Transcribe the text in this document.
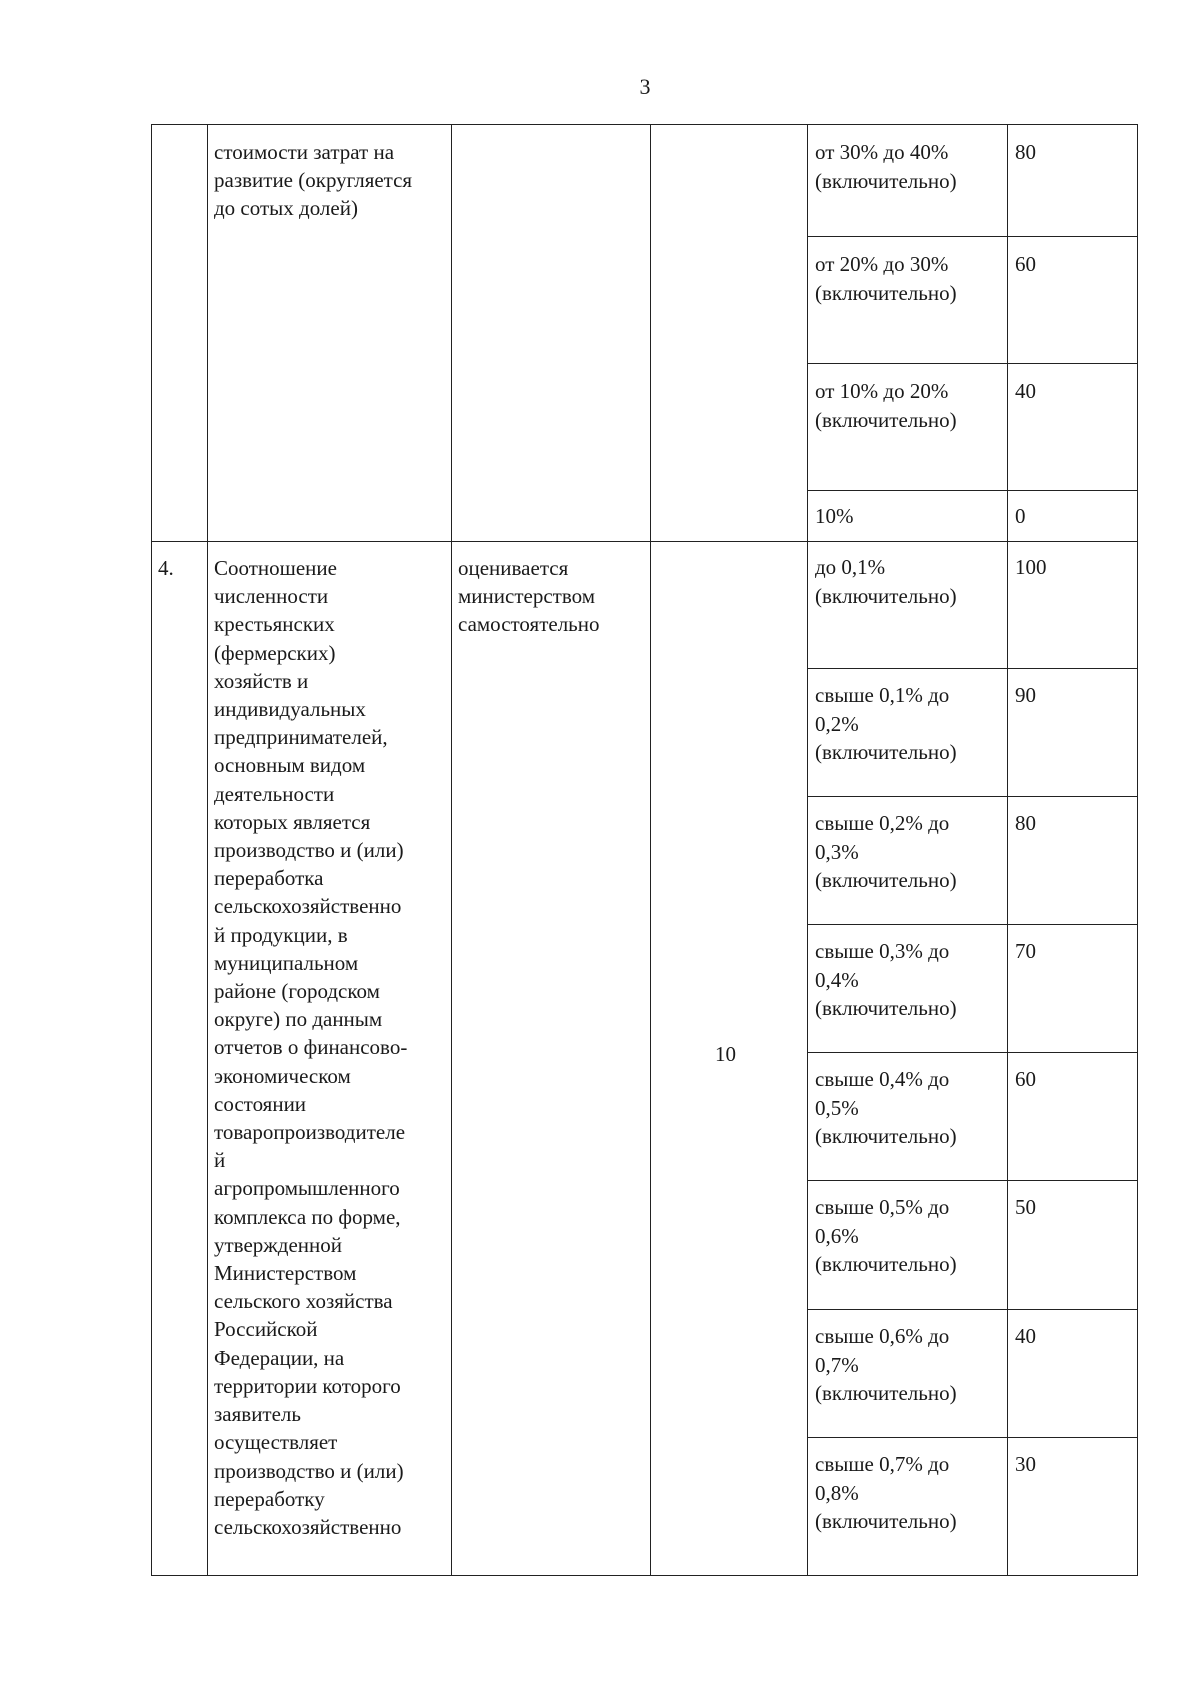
3
стоимости затрат на
развитие (округляется
до сотых долей)
от 30% до 40%
(включительно)
80
от 20% до 30%
(включительно)
60
от 10% до 20%
(включительно)
40
10%	0
4. Соотношение
численности
крестьянских
(фермерских)
хозяйств и
индивидуальных
предпринимателей,
основным видом
деятельности
которых является
производство и (или)
переработка
сельскохозяйственно
й продукции, в
муниципальном
районе (городском
округе) по данным
отчетов о финансово-
экономическом
состоянии
товаропроизводителе
й
агропромышленного
комплекса по форме,
утвержденной
Министерством
сельского хозяйства
Российской
Федерации, на
территории которого
заявитель
осуществляет
производство и (или)
переработку
сельскохозяйственно
оценивается
министерством
самостоятельно
10
до 0,1%
(включительно)
100
свыше 0,1% до
0,2%
(включительно)
90
свыше 0,2% до
0,3%
(включительно)
80
свыше 0,3% до
0,4%
(включительно)
70
свыше 0,4% до
0,5%
(включительно)
60
свыше 0,5% до
0,6%
(включительно)
50
свыше 0,6% до
0,7%
(включительно)
40
свыше 0,7% до
0,8%
(включительно)
30
